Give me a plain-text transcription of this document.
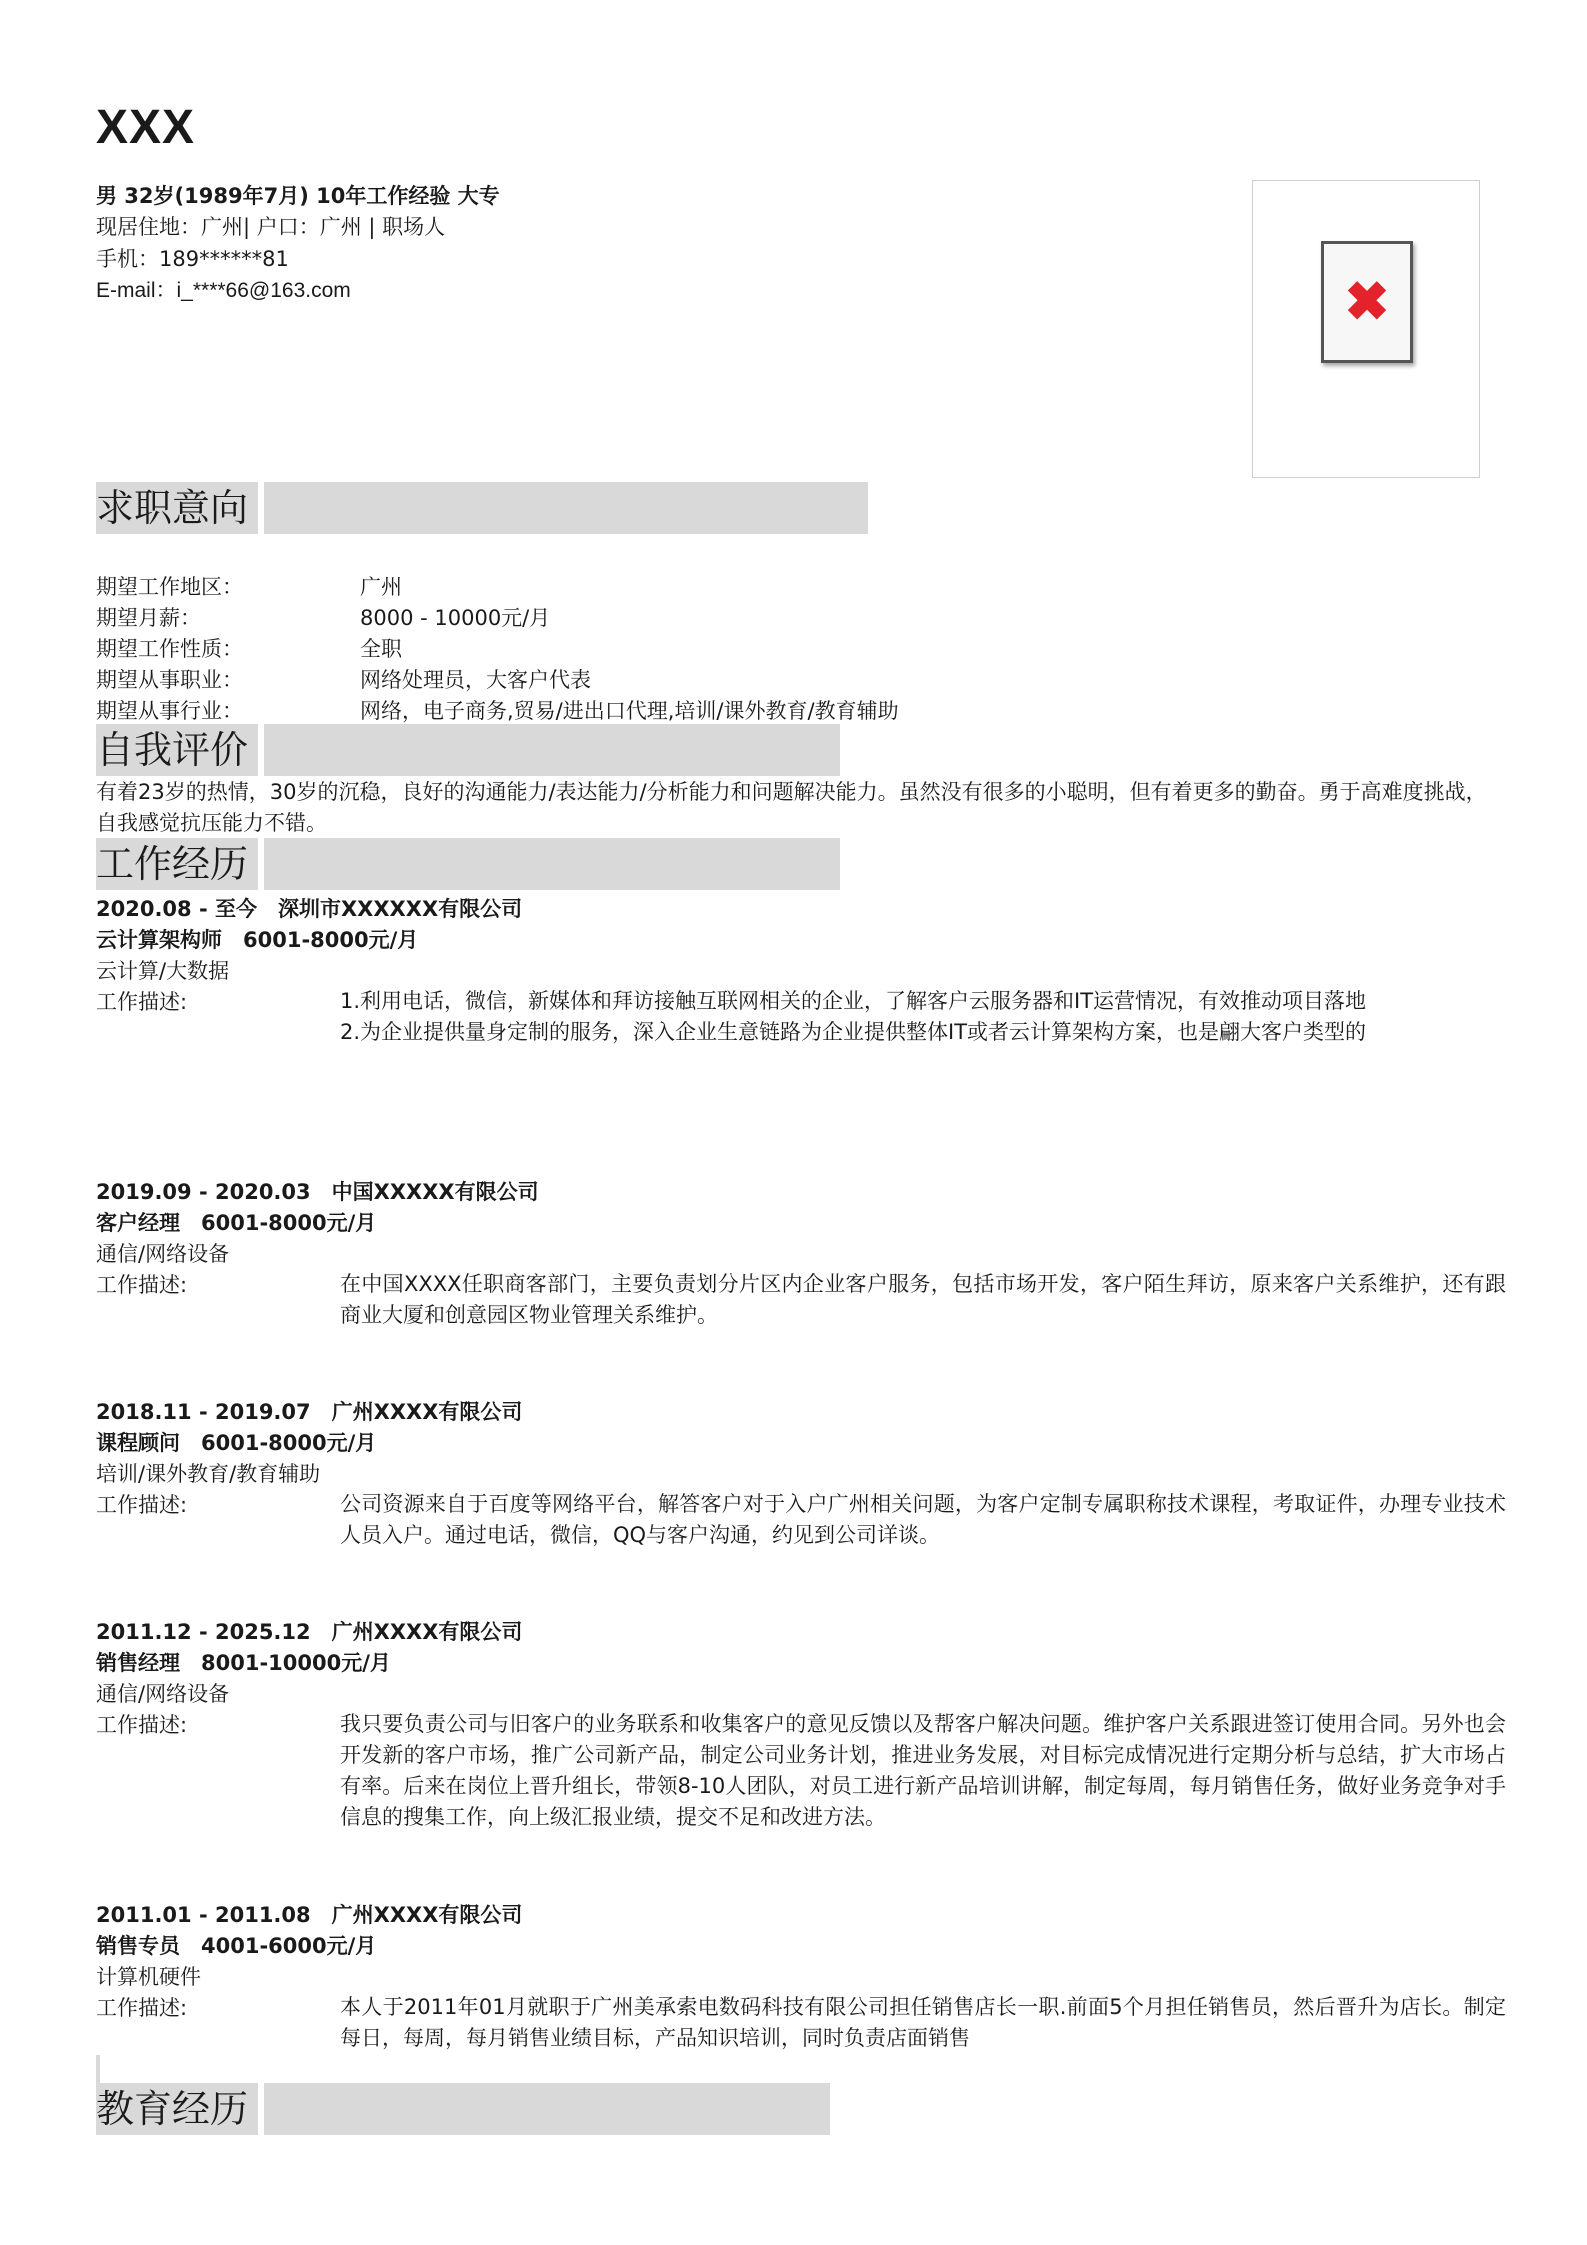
XXX
男 32岁(1989年7月) 10年工作经验 大专
现居住地：广州| 户口：广州 | 职场人
手机：189******81
E-mail：i_****66@163.com	✖
求职意向
期望工作地区：	广州
期望月薪：	8000 - 10000元/月
期望工作性质：	全职
期望从事职业：	网络处理员，大客户代表
期望从事行业：	网络，电子商务,贸易/进出口代理,培训/课外教育/教育辅助
自我评价
有着23岁的热情，30岁的沉稳，良好的沟通能力/表达能力/分析能力和问题解决能力。虽然没有很多的小聪明，但有着更多的勤奋。勇于高难度挑战，自我感觉抗压能力不错。
工作经历
2020.08 - 至今　深圳市XXXXXX有限公司
云计算架构师　6001-8000元/月
云计算/大数据
工作描述:	1.利用电话，微信，新媒体和拜访接触互联网相关的企业，了解客户云服务器和IT运营情况，有效推动项目落地
2.为企业提供量身定制的服务，深入企业生意链路为企业提供整体IT或者云计算架构方案，也是翩大客户类型的
2019.09 - 2020.03　中国XXXXX有限公司
客户经理　6001-8000元/月
通信/网络设备
工作描述:	在中国XXXX任职商客部门，主要负责划分片区内企业客户服务，包括市场开发，客户陌生拜访，原来客户关系维护，还有跟商业大厦和创意园区物业管理关系维护。
2018.11 - 2019.07　广州XXXX有限公司
课程顾问　6001-8000元/月
培训/课外教育/教育辅助
工作描述:	公司资源来自于百度等网络平台，解答客户对于入户广州相关问题，为客户定制专属职称技术课程，考取证件，办理专业技术人员入户。通过电话，微信，QQ与客户沟通，约见到公司详谈。
2011.12 - 2025.12　广州XXXX有限公司
销售经理　8001-10000元/月
通信/网络设备
工作描述:	我只要负责公司与旧客户的业务联系和收集客户的意见反馈以及帮客户解决问题。维护客户关系跟进签订使用合同。另外也会开发新的客户市场，推广公司新产品，制定公司业务计划，推进业务发展，对目标完成情况进行定期分析与总结，扩大市场占有率。后来在岗位上晋升组长，带领8-10人团队，对员工进行新产品培训讲解，制定每周，每月销售任务，做好业务竞争对手信息的搜集工作，向上级汇报业绩，提交不足和改进方法。
2011.01 - 2011.08　广州XXXX有限公司
销售专员　4001-6000元/月
计算机硬件
工作描述:	本人于2011年01月就职于广州美承索电数码科技有限公司担任销售店长一职.前面5个月担任销售员，然后晋升为店长。制定每日，每周，每月销售业绩目标，产品知识培训，同时负责店面销售
教育经历
